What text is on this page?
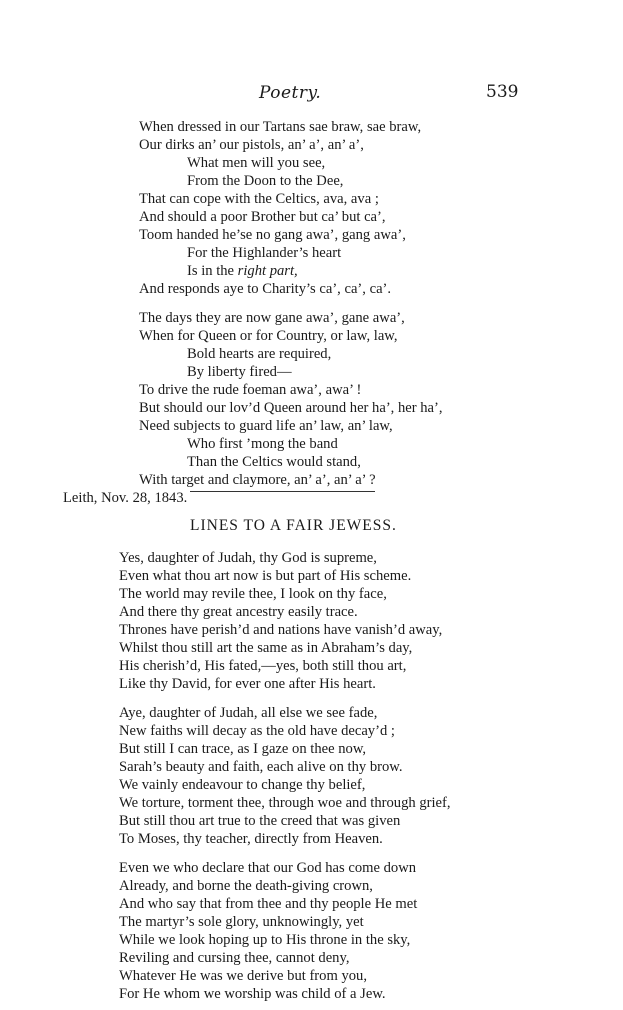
Poetry.	539
When dressed in our Tartans sae braw, sae braw,
Our dirks an’ our pistols, an’ a’, an’ a’,
What men will you see,
From the Doon to the Dee,
That can cope with the Celtics, ava, ava ;
And should a poor Brother but ca’ but ca’,
Toom handed he’se no gang awa’, gang awa’,
For the Highlander’s heart
Is in the right part,
And responds aye to Charity’s ca’, ca’, ca’.
The days they are now gane awa’, gane awa’,
When for Queen or for Country, or law, law,
Bold hearts are required,
By liberty fired—
To drive the rude foeman awa’, awa’ !
But should our lov’d Queen around her ha’, her ha’,
Need subjects to guard life an’ law, an’ law,
Who first ’mong the band
Than the Celtics would stand,
With target and claymore, an’ a’, an’ a’ ?
Leith, Nov. 28, 1843.
LINES TO A FAIR JEWESS.
Yes, daughter of Judah, thy God is supreme,
Even what thou art now is but part of His scheme.
The world may revile thee, I look on thy face,
And there thy great ancestry easily trace.
Thrones have perish’d and nations have vanish’d away,
Whilst thou still art the same as in Abraham’s day,
His cherish’d, His fated,—yes, both still thou art,
Like thy David, for ever one after His heart.
Aye, daughter of Judah, all else we see fade,
New faiths will decay as the old have decay’d ;
But still I can trace, as I gaze on thee now,
Sarah’s beauty and faith, each alive on thy brow.
We vainly endeavour to change thy belief,
We torture, torment thee, through woe and through grief,
But still thou art true to the creed that was given
To Moses, thy teacher, directly from Heaven.
Even we who declare that our God has come down
Already, and borne the death-giving crown,
And who say that from thee and thy people He met
The martyr’s sole glory, unknowingly, yet
While we look hoping up to His throne in the sky,
Reviling and cursing thee, cannot deny,
Whatever He was we derive but from you,
For He whom we worship was child of a Jew.
